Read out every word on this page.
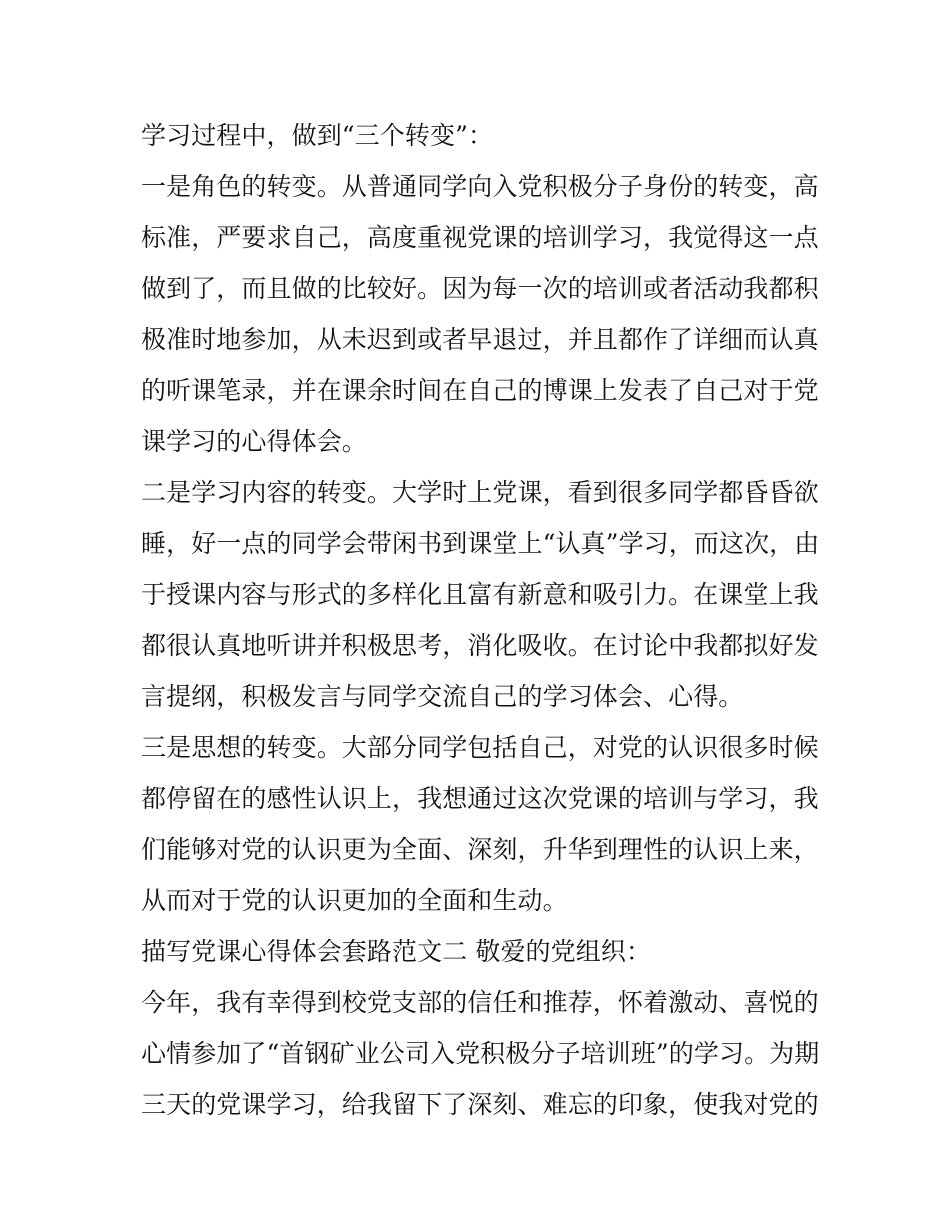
学习过程中，做到“三个转变”：
一是角色的转变。从普通同学向入党积极分子身份的转变，高
标准，严要求自己，高度重视党课的培训学习，我觉得这一点
做到了，而且做的比较好。因为每一次的培训或者活动我都积
极准时地参加，从未迟到或者早退过，并且都作了详细而认真
的听课笔录，并在课余时间在自己的博课上发表了自己对于党
课学习的心得体会。
二是学习内容的转变。大学时上党课，看到很多同学都昏昏欲
睡，好一点的同学会带闲书到课堂上“认真”学习，而这次，由
于授课内容与形式的多样化且富有新意和吸引力。在课堂上我
都很认真地听讲并积极思考，消化吸收。在讨论中我都拟好发
言提纲，积极发言与同学交流自己的学习体会、心得。
三是思想的转变。大部分同学包括自己，对党的认识很多时候
都停留在的感性认识上，我想通过这次党课的培训与学习，我
们能够对党的认识更为全面、深刻，升华到理性的认识上来，
从而对于党的认识更加的全面和生动。
描写党课心得体会套路范文二 敬爱的党组织：
今年，我有幸得到校党支部的信任和推荐，怀着激动、喜悦的
心情参加了“首钢矿业公司入党积极分子培训班”的学习。为期
三天的党课学习，给我留下了深刻、难忘的印象，使我对党的
